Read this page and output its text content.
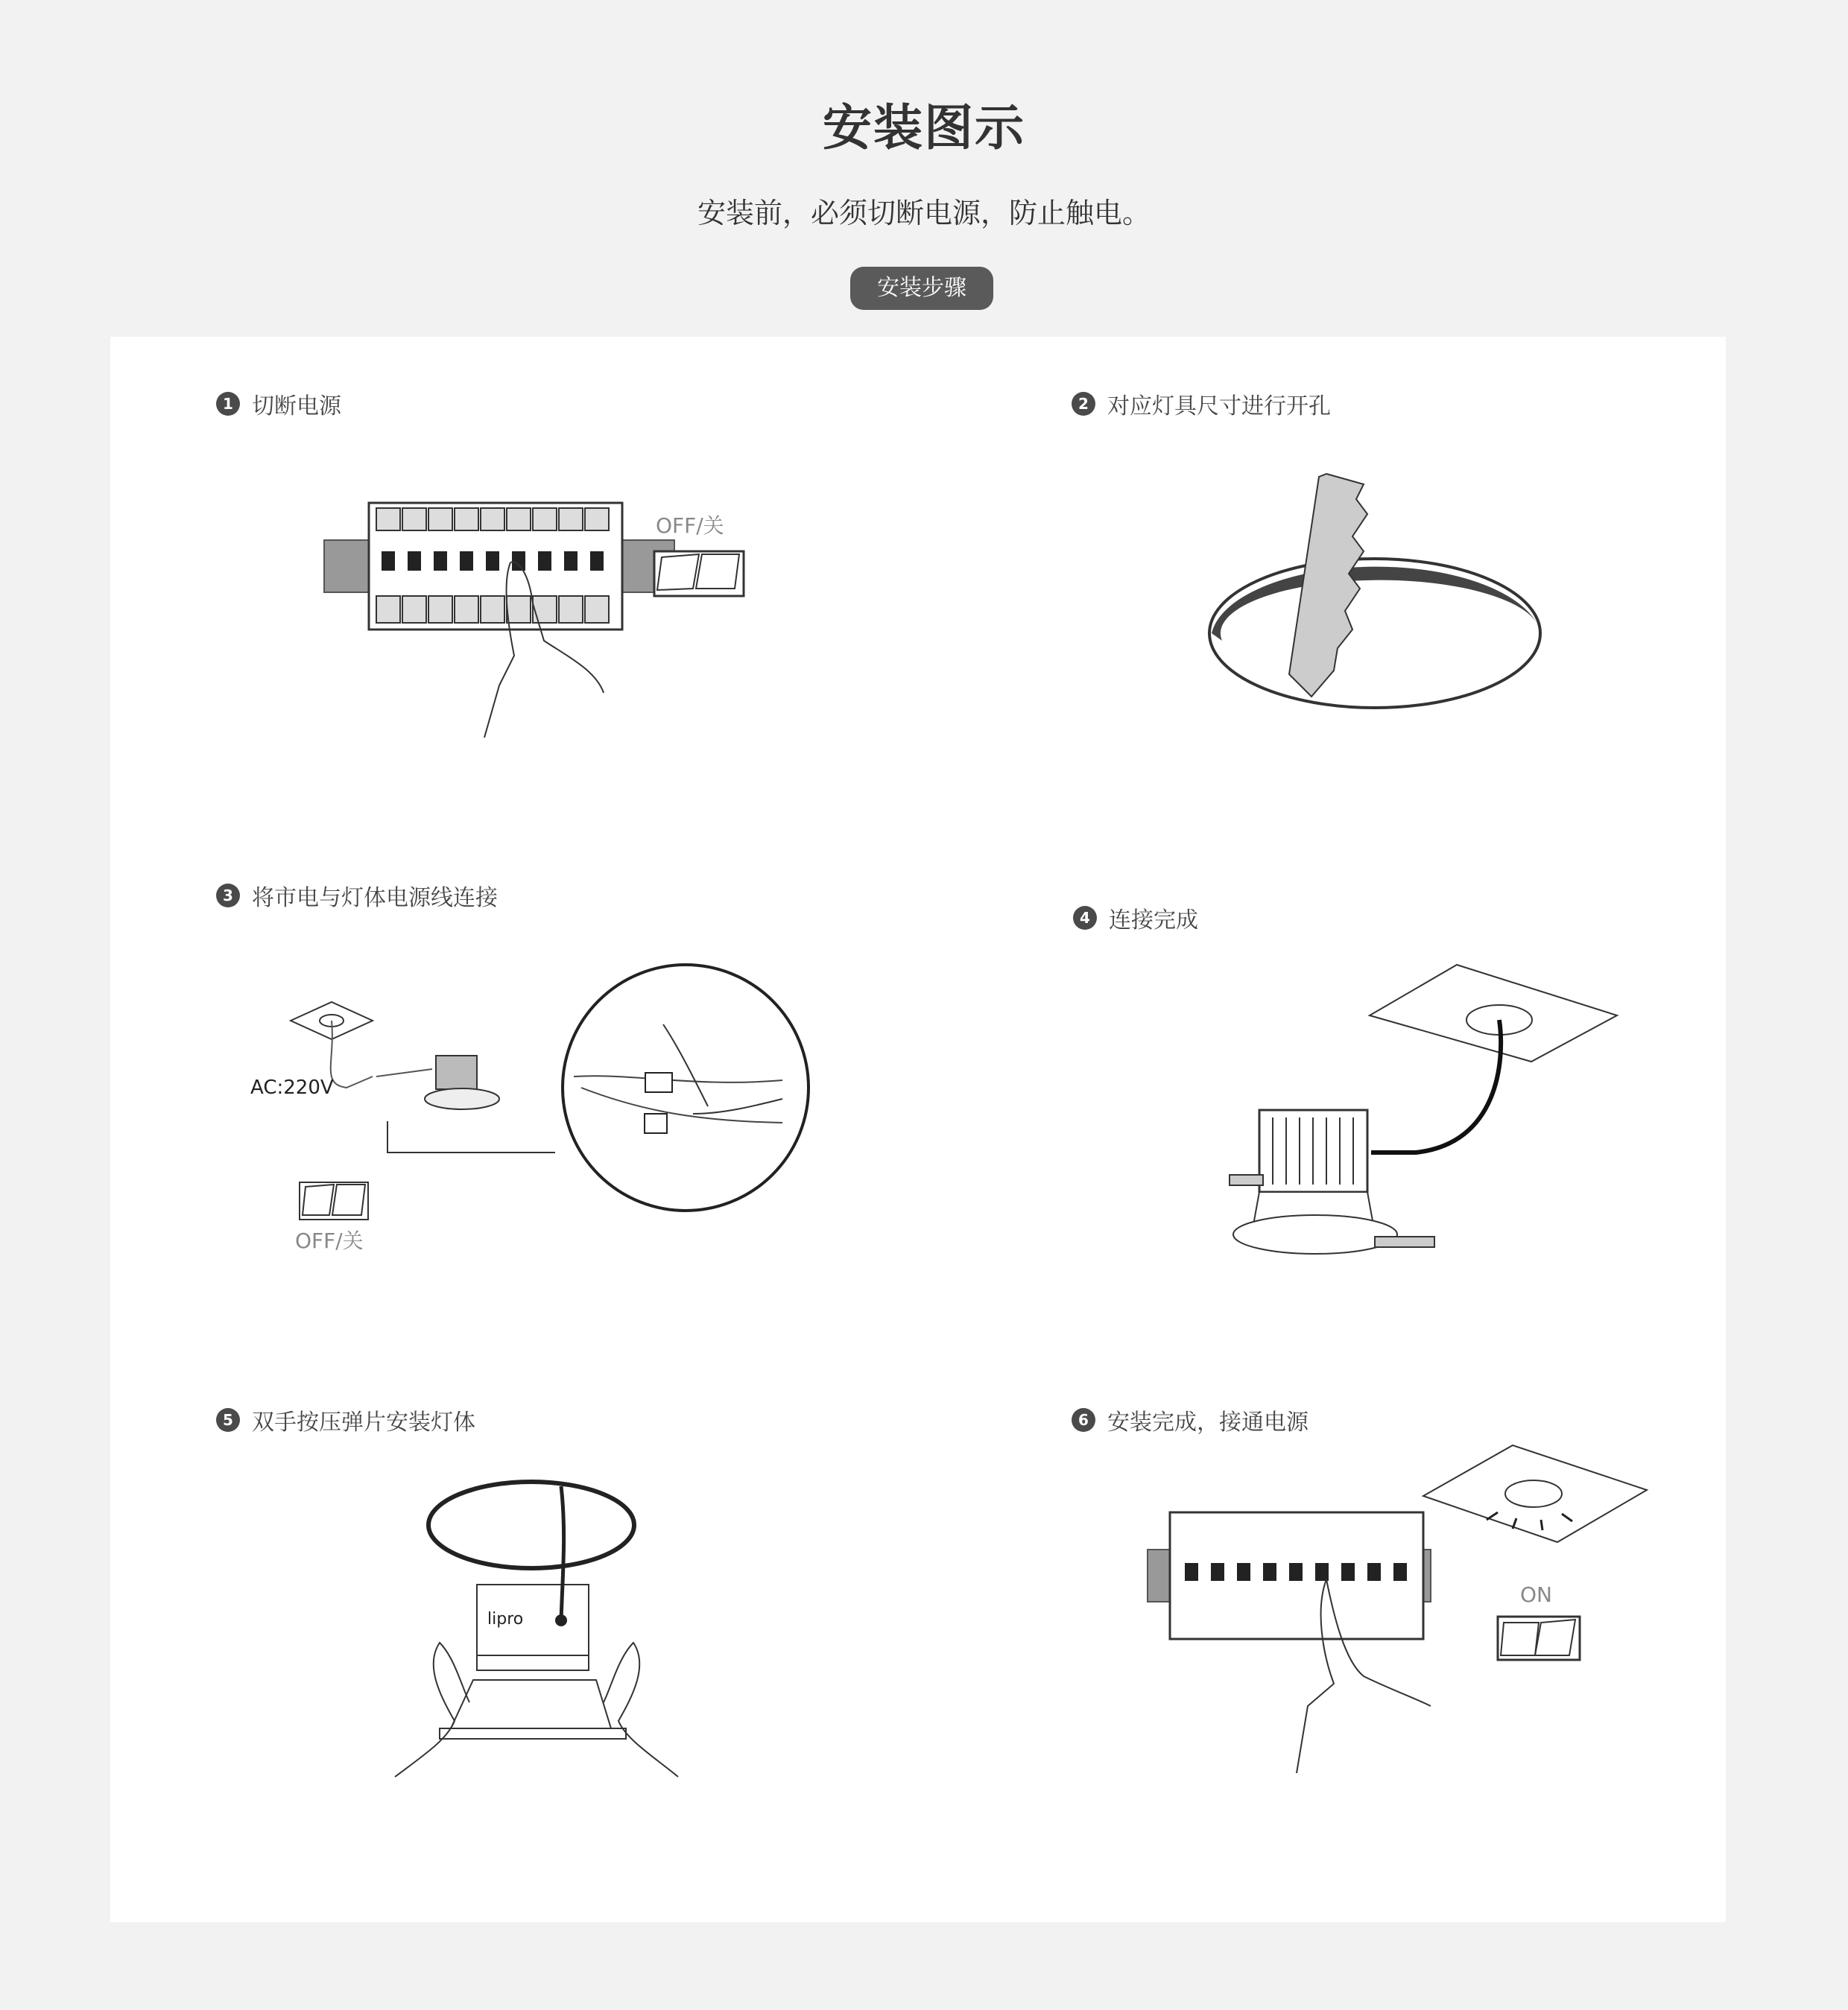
安装图示
安装前，必须切断电源，防止触电。
安装步骤
1 切断电源	2 对应灯具尺寸进行开孔
3 将市电与灯体电源线连接
4 连接完成
5 双手按压弹片安装灯体	6 安装完成，接通电源
OFF/关
AC:220V
OFF/关
lipro
ON
